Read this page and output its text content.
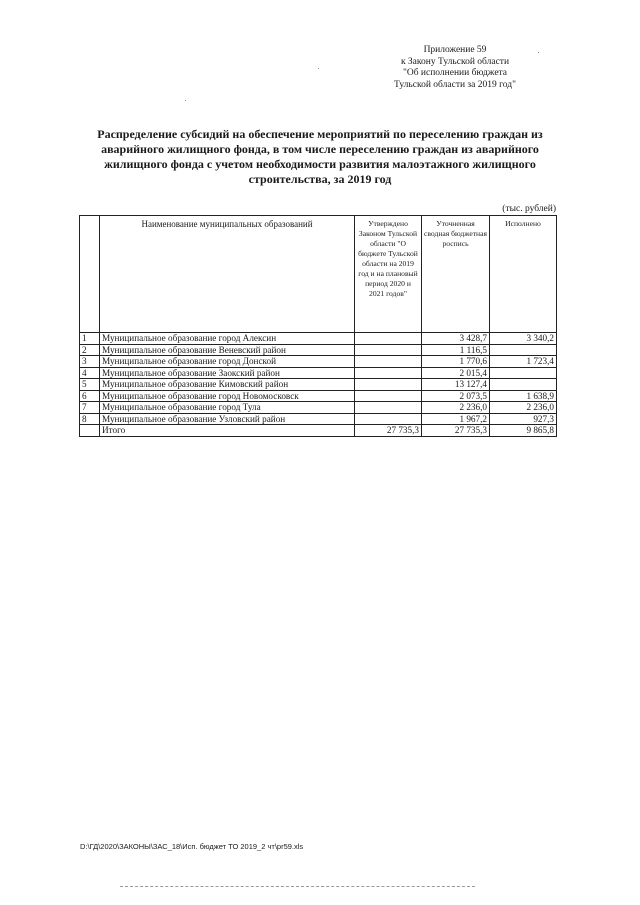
Приложение 59
к Закону Тульской области
"Об исполнении бюджета
Тульской области за 2019 год"
Распределение субсидий на обеспечение мероприятий по переселению граждан из
аварийного жилищного фонда, в том числе переселению граждан из аварийного
жилищного фонда с учетом необходимости развития малоэтажного жилищного
строительства, за 2019 год
(тыс. рублей)
	Наименование муниципальных образований	Утверждено Законом Тульской области "О бюджете Тульской области на 2019 год и на плановый период 2020 и 2021 годов"	Уточненная сводная бюджетная роспись	Исполнено
1	Муниципальное образование город Алексин		3 428,7	3 340,2
2	Муниципальное образование Веневский район		1 116,5	
3	Муниципальное образование город Донской		1 770,6	1 723,4
4	Муниципальное образование Заокский район		2 015,4	
5	Муниципальное образование Кимовский район		13 127,4	
6	Муниципальное образование город Новомосковск		2 073,5	1 638,9
7	Муниципальное образование город Тула		2 236,0	2 236,0
8	Муниципальное образование Узловский район		1 967,2	927,3
	Итого	27 735,3	27 735,3	9 865,8
D:\ГД\2020\ЗАКОНЫ\ЗАС_18\Исп. бюджет ТО 2019_2 чт\pr59.xls
